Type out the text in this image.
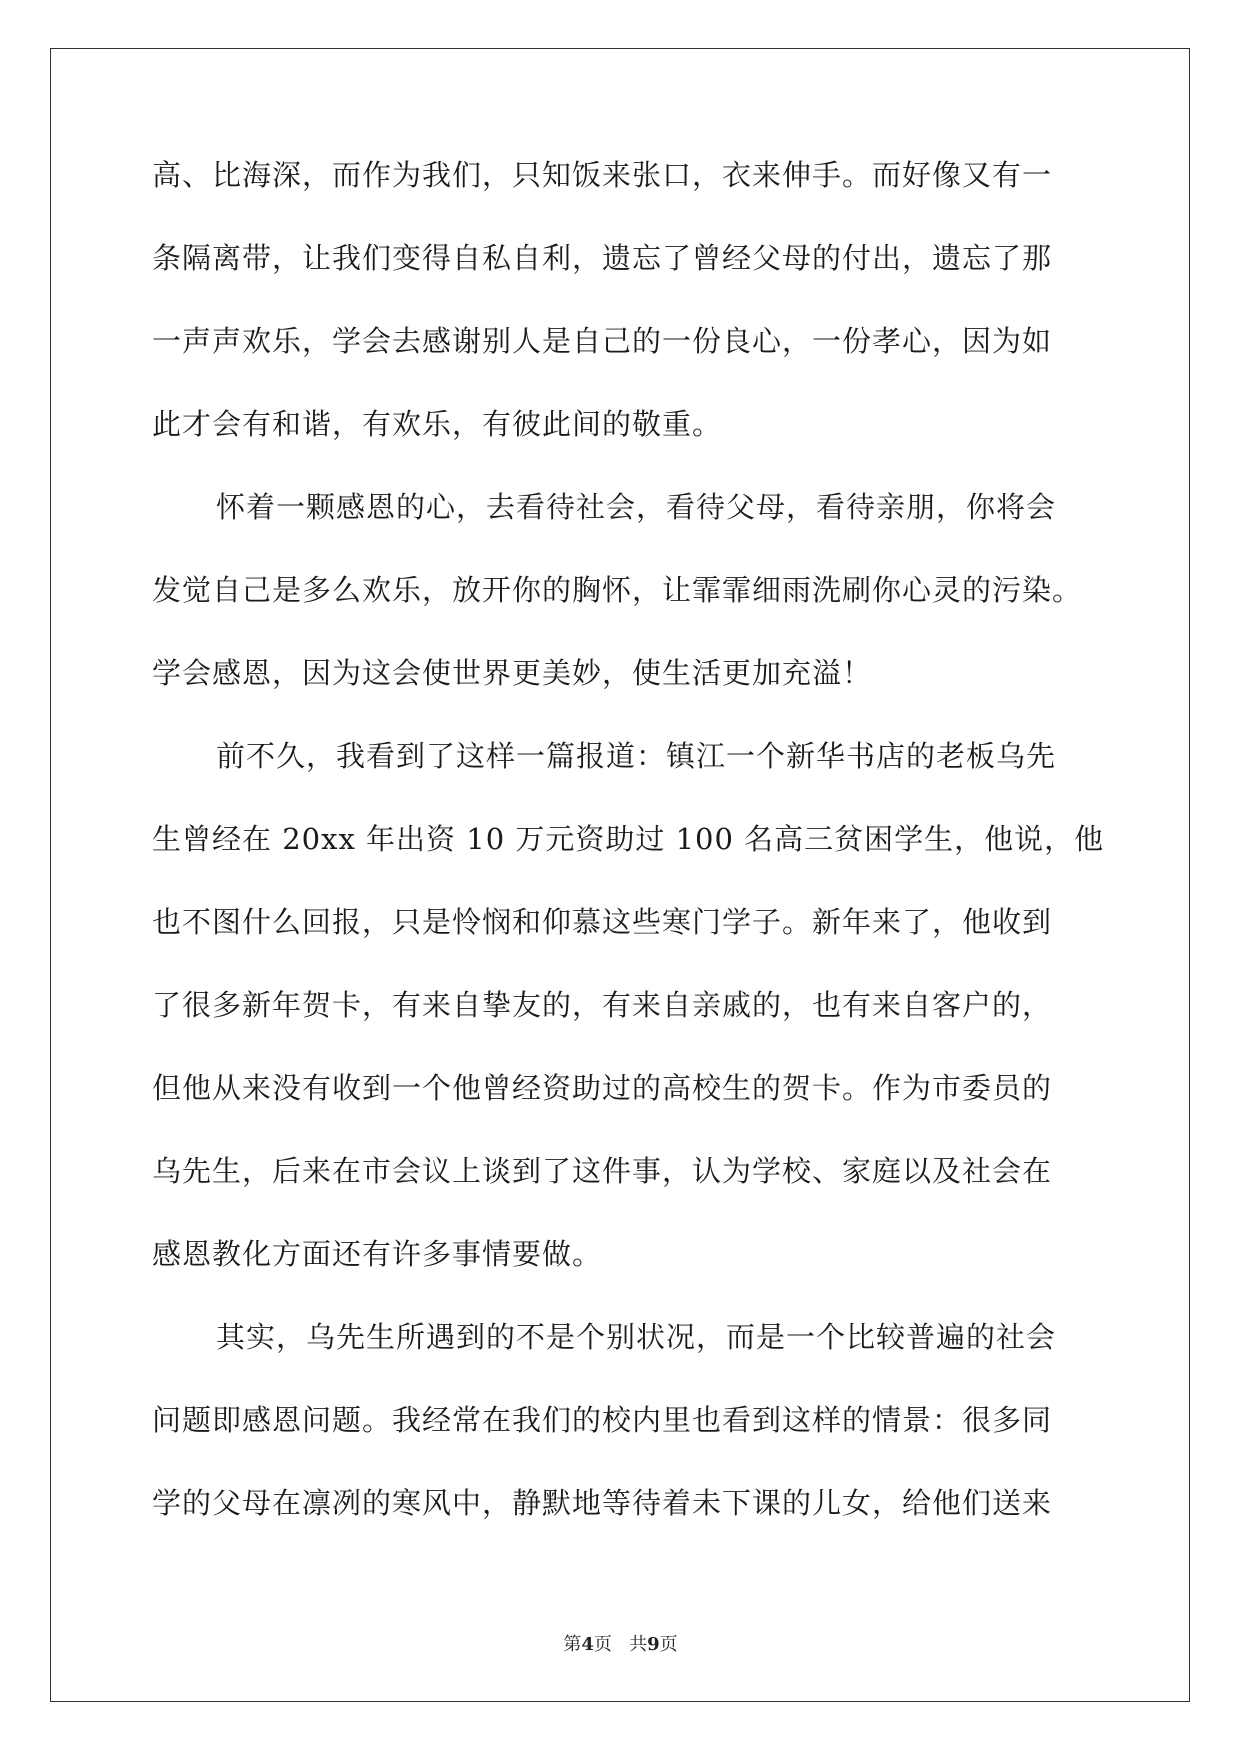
高、比海深，而作为我们，只知饭来张口，衣来伸手。而好像又有一
条隔离带，让我们变得自私自利，遗忘了曾经父母的付出，遗忘了那
一声声欢乐，学会去感谢别人是自己的一份良心，一份孝心，因为如
此才会有和谐，有欢乐，有彼此间的敬重。
怀着一颗感恩的心，去看待社会，看待父母，看待亲朋，你将会
发觉自己是多么欢乐，放开你的胸怀，让霏霏细雨洗刷你心灵的污染。
学会感恩，因为这会使世界更美妙，使生活更加充溢！
前不久，我看到了这样一篇报道：镇江一个新华书店的老板乌先
生曾经在 20xx 年出资 10 万元资助过 100 名高三贫困学生，他说，他
也不图什么回报，只是怜悯和仰慕这些寒门学子。新年来了，他收到
了很多新年贺卡，有来自挚友的，有来自亲戚的，也有来自客户的，
但他从来没有收到一个他曾经资助过的高校生的贺卡。作为市委员的
乌先生，后来在市会议上谈到了这件事，认为学校、家庭以及社会在
感恩教化方面还有许多事情要做。
其实，乌先生所遇到的不是个别状况，而是一个比较普遍的社会
问题即感恩问题。我经常在我们的校内里也看到这样的情景：很多同
学的父母在凛冽的寒风中，静默地等待着未下课的儿女，给他们送来
第4页 共9页
